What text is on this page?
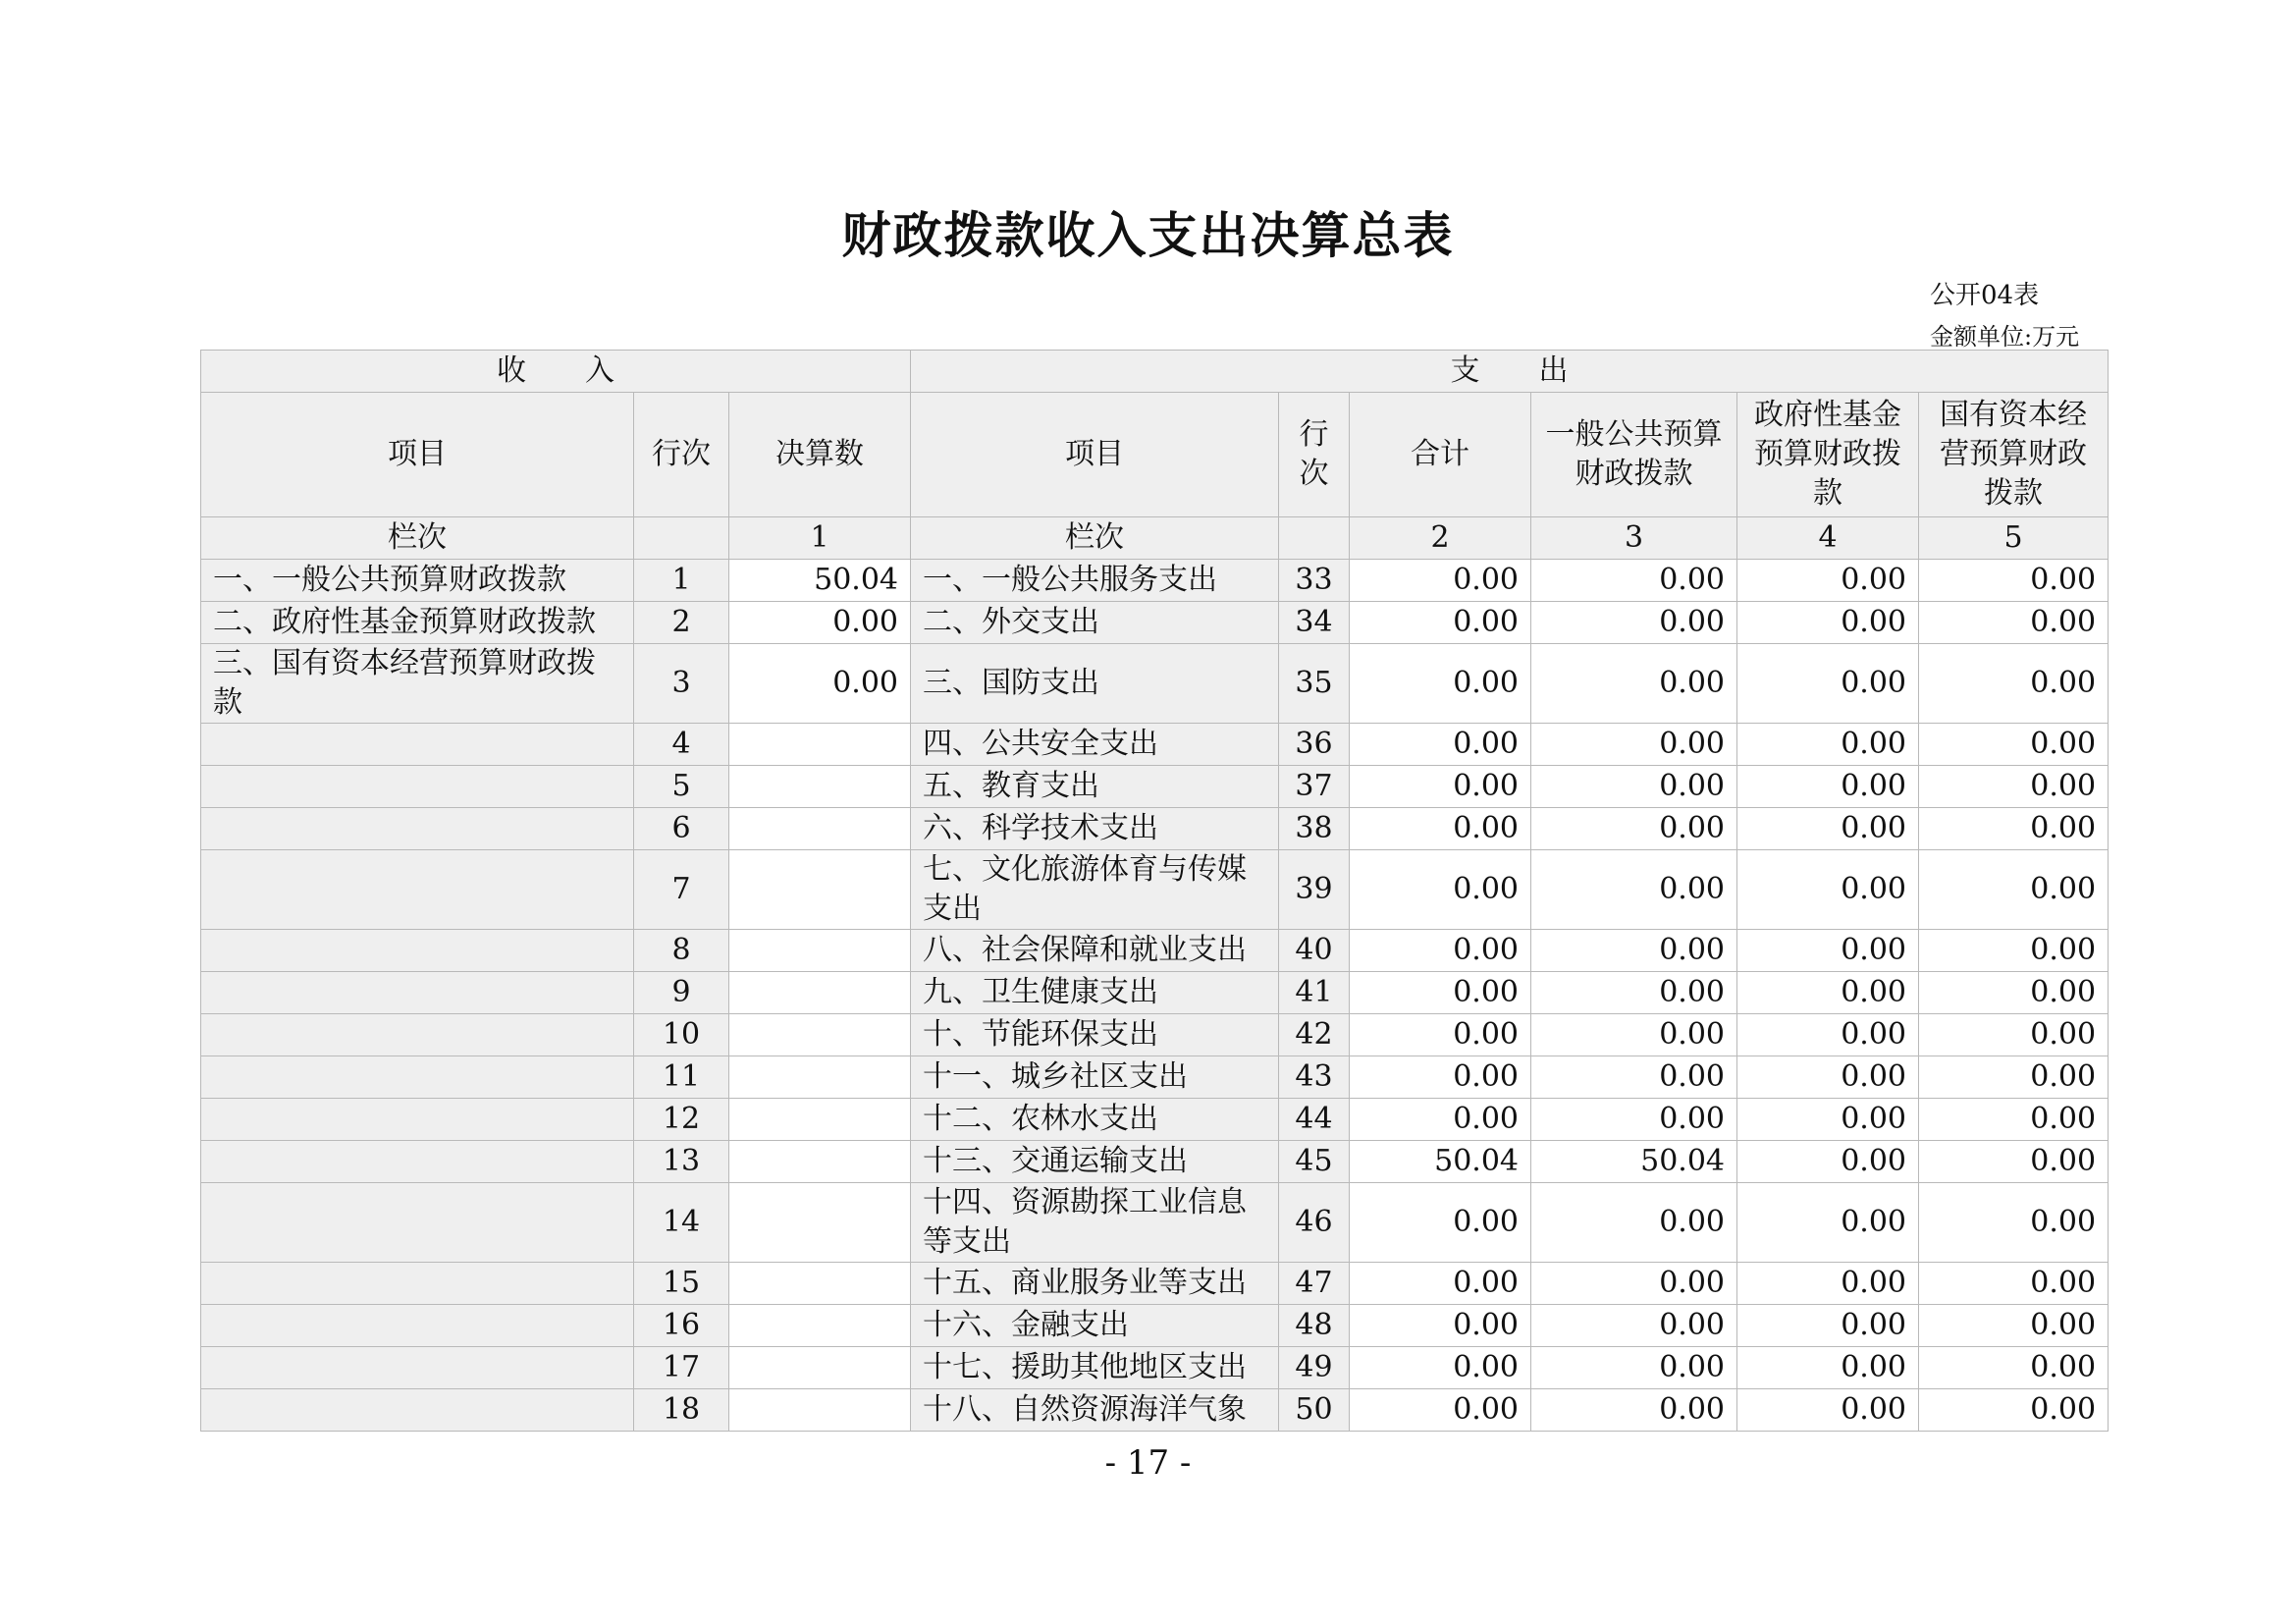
财政拨款收入支出决算总表
公开04表
金额单位:万元
收　　入			支　　出					
项目	行次	决算数	项目	行次	合计	一般公共预算财政拨款	政府性基金预算财政拨款	国有资本经营预算财政拨款
栏次		1	栏次		2	3	4	5
一、一般公共预算财政拨款	1	50.04	一、一般公共服务支出	33	0.00	0.00	0.00	0.00
二、政府性基金预算财政拨款	2	0.00	二、外交支出	34	0.00	0.00	0.00	0.00
三、国有资本经营预算财政拨款	3	0.00	三、国防支出	35	0.00	0.00	0.00	0.00
	4		四、公共安全支出	36	0.00	0.00	0.00	0.00
	5		五、教育支出	37	0.00	0.00	0.00	0.00
	6		六、科学技术支出	38	0.00	0.00	0.00	0.00
	7		七、文化旅游体育与传媒支出	39	0.00	0.00	0.00	0.00
	8		八、社会保障和就业支出	40	0.00	0.00	0.00	0.00
	9		九、卫生健康支出	41	0.00	0.00	0.00	0.00
	10		十、节能环保支出	42	0.00	0.00	0.00	0.00
	11		十一、城乡社区支出	43	0.00	0.00	0.00	0.00
	12		十二、农林水支出	44	0.00	0.00	0.00	0.00
	13		十三、交通运输支出	45	50.04	50.04	0.00	0.00
	14		十四、资源勘探工业信息等支出	46	0.00	0.00	0.00	0.00
	15		十五、商业服务业等支出	47	0.00	0.00	0.00	0.00
	16		十六、金融支出	48	0.00	0.00	0.00	0.00
	17		十七、援助其他地区支出	49	0.00	0.00	0.00	0.00
	18		十八、自然资源海洋气象	50	0.00	0.00	0.00	0.00
- 17 -
